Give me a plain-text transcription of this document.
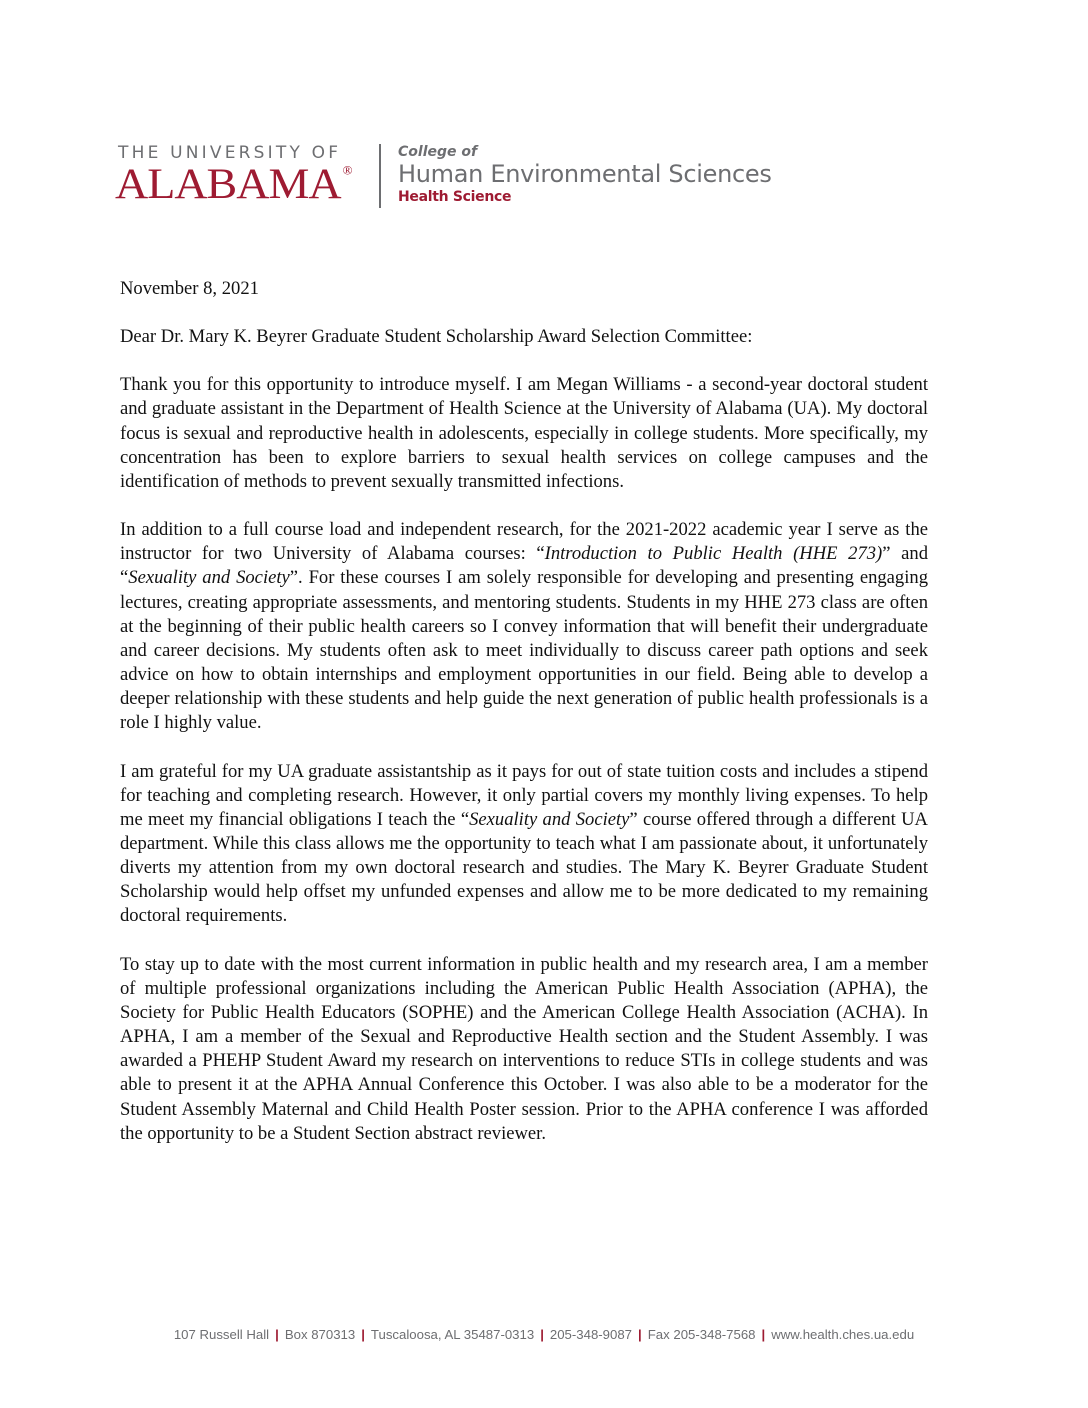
THE UNIVERSITY OF
ALABAMA ®
College of
Human Environmental Sciences
Health Science

November 8, 2021

Dear Dr. Mary K. Beyrer Graduate Student Scholarship Award Selection Committee:

Thank you for this opportunity to introduce myself. I am Megan Williams - a second-year doctoral student and graduate assistant in the Department of Health Science at the University of Alabama (UA). My doctoral focus is sexual and reproductive health in adolescents, especially in college students. More specifically, my concentration has been to explore barriers to sexual health services on college campuses and the identification of methods to prevent sexually transmitted infections.

In addition to a full course load and independent research, for the 2021-2022 academic year I serve as the instructor for two University of Alabama courses: “Introduction to Public Health (HHE 273)” and “Sexuality and Society”. For these courses I am solely responsible for developing and presenting engaging lectures, creating appropriate assessments, and mentoring students. Students in my HHE 273 class are often at the beginning of their public health careers so I convey information that will benefit their undergraduate and career decisions. My students often ask to meet individually to discuss career path options and seek advice on how to obtain internships and employment opportunities in our field. Being able to develop a deeper relationship with these students and help guide the next generation of public health professionals is a role I highly value.

I am grateful for my UA graduate assistantship as it pays for out of state tuition costs and includes a stipend for teaching and completing research. However, it only partial covers my monthly living expenses. To help me meet my financial obligations I teach the “Sexuality and Society” course offered through a different UA department. While this class allows me the opportunity to teach what I am passionate about, it unfortunately diverts my attention from my own doctoral research and studies. The Mary K. Beyrer Graduate Student Scholarship would help offset my unfunded expenses and allow me to be more dedicated to my remaining doctoral requirements.

To stay up to date with the most current information in public health and my research area, I am a member of multiple professional organizations including the American Public Health Association (APHA), the Society for Public Health Educators (SOPHE) and the American College Health Association (ACHA). In APHA, I am a member of the Sexual and Reproductive Health section and the Student Assembly. I was awarded a PHEHP Student Award my research on interventions to reduce STIs in college students and was able to present it at the APHA Annual Conference this October. I was also able to be a moderator for the Student Assembly Maternal and Child Health Poster session. Prior to the APHA conference I was afforded the opportunity to be a Student Section abstract reviewer.

107 Russell Hall | Box 870313 | Tuscaloosa, AL 35487-0313 | 205-348-9087 | Fax 205-348-7568 | www.health.ches.ua.edu
